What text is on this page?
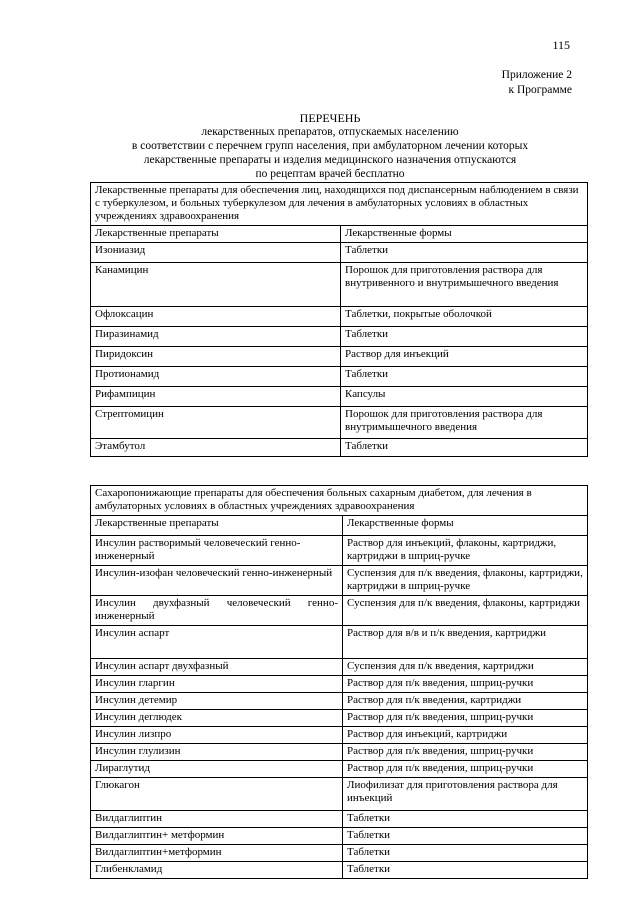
115
Приложение 2
к Программе
ПЕРЕЧЕНЬ
лекарственных препаратов, отпускаемых населению
в соответствии с перечнем групп населения, при амбулаторном лечении которых
лекарственные препараты и изделия медицинского назначения отпускаются
по рецептам врачей бесплатно
Лекарственные препараты для обеспечения лиц, находящихся под диспансерным наблюдением в связи с туберкулезом, и больных туберкулезом для лечения в амбулаторных условиях в областных учреждениях здравоохранения	
Лекарственные препараты	Лекарственные формы
Изониазид	Таблетки
Канамицин	Порошок для приготовления раствора для внутривенного и внутримышечного введения
Офлоксацин	Таблетки, покрытые оболочкой
Пиразинамид	Таблетки
Пиридоксин	Раствор для инъекций
Протионамид	Таблетки
Рифампицин	Капсулы
Стрептомицин	Порошок для приготовления раствора для внутримышечного введения
Этамбутол	Таблетки
Сахаропонижающие препараты для обеспечения больных сахарным диабетом, для лечения в амбулаторных условиях в областных учреждениях здравоохранения	
Лекарственные препараты	Лекарственные формы
Инсулин растворимый человеческий генно-инженерный	Раствор для инъекций, флаконы, картриджи, картриджи в шприц-ручке
Инсулин-изофан человеческий генно-инженерный	Суспензия для п/к введения, флаконы, картриджи, картриджи в шприц-ручке
Инсулин двухфазный человеческий генно-инженерный	Суспензия для п/к введения, флаконы, картриджи
Инсулин аспарт	Раствор для в/в и п/к введения, картриджи
Инсулин аспарт двухфазный	Суспензия для п/к введения, картриджи
Инсулин гларгин	Раствор для п/к введения, шприц-ручки
Инсулин детемир	Раствор для п/к введения, картриджи
Инсулин деглюдек	Раствор для п/к введения, шприц-ручки
Инсулин лизпро	Раствор для инъекций, картриджи
Инсулин глулизин	Раствор для п/к введения, шприц-ручки
Лираглутид	Раствор для п/к введения, шприц-ручки
Глюкагон	Лиофилизат для приготовления раствора для инъекций
Вилдаглиптин	Таблетки
Вилдаглиптин+ метформин	Таблетки
Вилдаглиптин+метформин	Таблетки
Глибенкламид	Таблетки
